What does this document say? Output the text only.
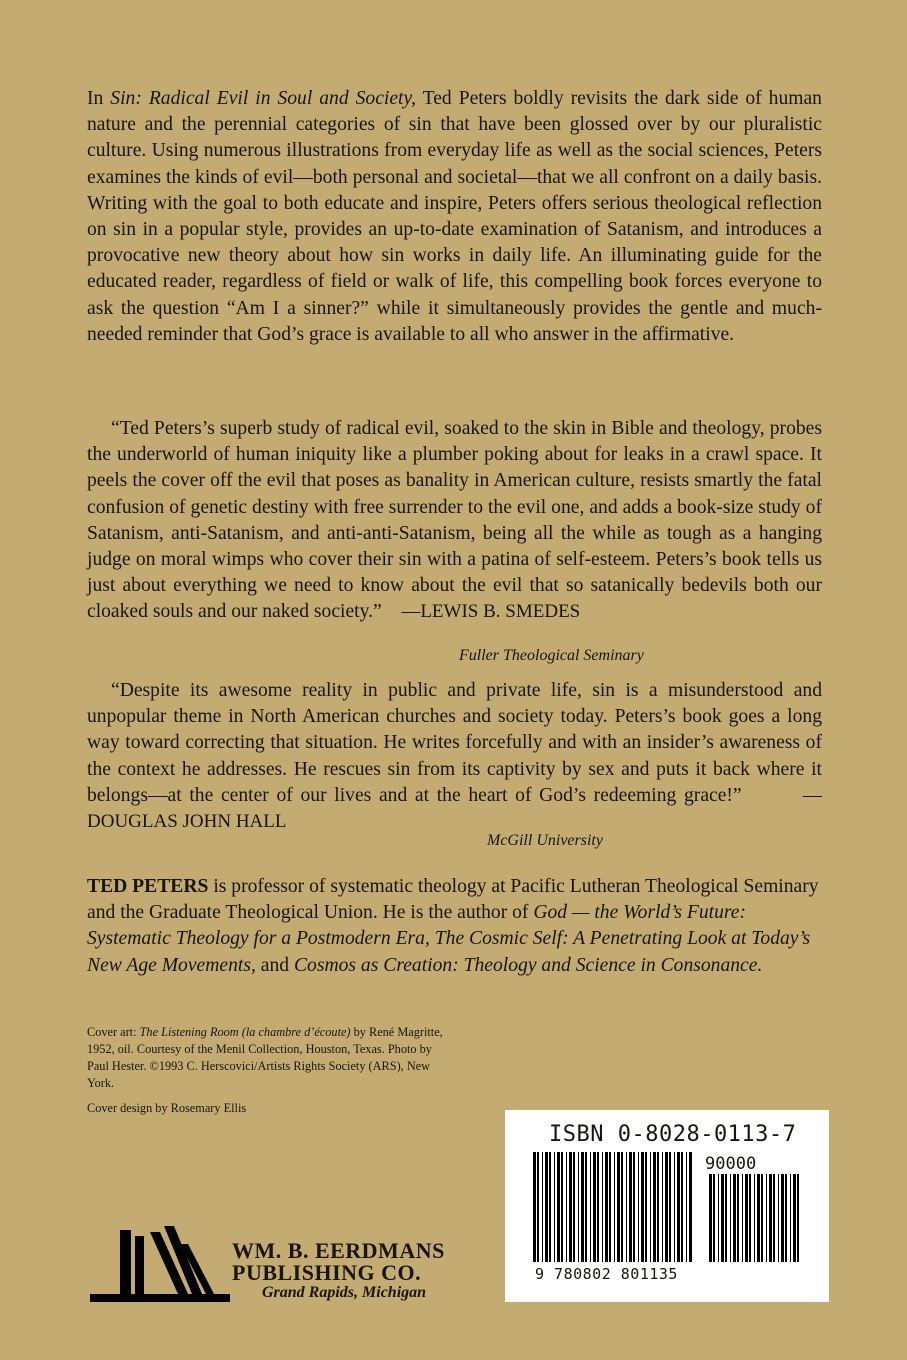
In Sin: Radical Evil in Soul and Society, Ted Peters boldly revisits the dark side of human nature and the perennial categories of sin that have been glossed over by our pluralistic culture. Using numerous illustrations from everyday life as well as the social sciences, Peters examines the kinds of evil—both personal and societal—that we all confront on a daily basis. Writing with the goal to both educate and inspire, Peters offers serious theological reflection on sin in a popular style, provides an up-to-date examination of Satanism, and introduces a provocative new theory about how sin works in daily life. An illuminating guide for the educated reader, regardless of field or walk of life, this compelling book forces everyone to ask the question “Am I a sinner?” while it simultaneously provides the gentle and much-needed reminder that God’s grace is available to all who answer in the affirmative.

“Ted Peters’s superb study of radical evil, soaked to the skin in Bible and theology, probes the underworld of human iniquity like a plumber poking about for leaks in a crawl space. It peels the cover off the evil that poses as banality in American culture, resists smartly the fatal confusion of genetic destiny with free surrender to the evil one, and adds a book-size study of Satanism, anti-Satanism, and anti-anti-Satanism, being all the while as tough as a hanging judge on moral wimps who cover their sin with a patina of self-esteem. Peters’s book tells us just about everything we need to know about the evil that so satanically bedevils both our cloaked souls and our naked society.” —LEWIS B. SMEDES

Fuller Theological Seminary

“Despite its awesome reality in public and private life, sin is a misunderstood and unpopular theme in North American churches and society today. Peters’s book goes a long way toward correcting that situation. He writes forcefully and with an insider’s awareness of the context he addresses. He rescues sin from its captivity by sex and puts it back where it belongs—at the center of our lives and at the heart of God’s redeeming grace!”	—DOUGLAS JOHN HALL

McGill University

TED PETERS is professor of systematic theology at Pacific Lutheran Theological Seminary and the Graduate Theological Union. He is the author of God — the World’s Future: Systematic Theology for a Postmodern Era, The Cosmic Self: A Penetrating Look at Today’s New Age Movements, and Cosmos as Creation: Theology and Science in Consonance.

Cover art: The Listening Room (la chambre d’écoute) by René Magritte, 1952, oil. Courtesy of the Menil Collection, Houston, Texas. Photo by Paul Hester. ©1993 C. Herscovici/Artists Rights Society (ARS), New York.

Cover design by Rosemary Ellis
ISBN 0-8028-0113-7
90000
9 780802 801135
WM. B. EERDMANS
PUBLISHING CO.
Grand Rapids, Michigan
